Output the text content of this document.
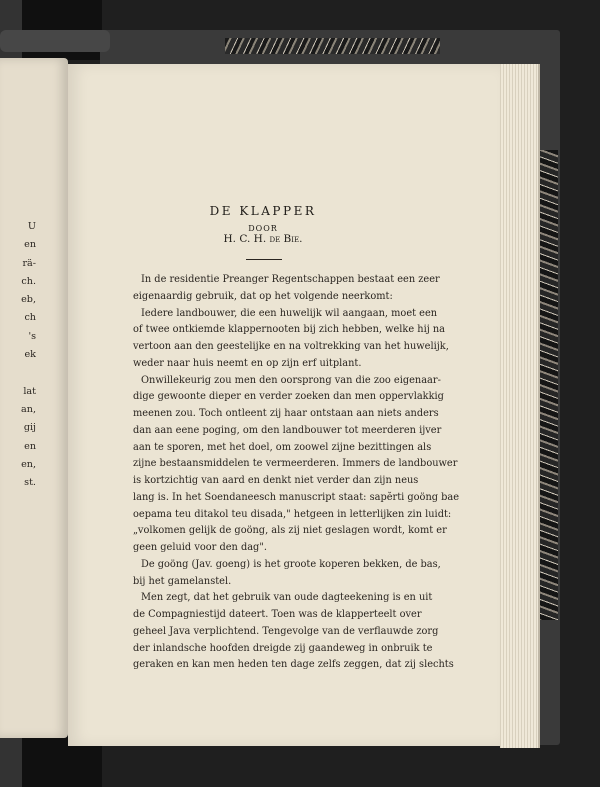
U
en
rä-
ch.
eb,
ch
's
ek

lat
an,
gij
en
en,
st.
DE KLAPPER
DOOR
H. C. H. de Bie.
In de residentie Preanger Regentschappen bestaat een zeer
eigenaardig gebruik, dat op het volgende neerkomt:
Iedere landbouwer, die een huwelijk wil aangaan, moet een
of twee ontkiemde klappernooten bij zich hebben, welke hij na
vertoon aan den geestelijke en na voltrekking van het huwelijk,
weder naar huis neemt en op zijn erf uitplant.
Onwillekeurig zou men den oorsprong van die zoo eigenaar-
dige gewoonte dieper en verder zoeken dan men oppervlakkig
meenen zou. Toch ontleent zij haar ontstaan aan niets anders
dan aan eene poging, om den landbouwer tot meerderen ijver
aan te sporen, met het doel, om zoowel zijne bezittingen als
zijne bestaansmiddelen te vermeerderen. Immers de landbouwer
is kortzichtig van aard en denkt niet verder dan zijn neus
lang is. In het Soendaneesch manuscript staat: sapĕrti goöng bae
oepama teu ditakol teu disada," hetgeen in letterlijken zin luidt:
„volkomen gelijk de goöng, als zij niet geslagen wordt, komt er
geen geluid voor den dag".
De goöng (Jav. goeng) is het groote koperen bekken, de bas,
bij het gamelanstel.
Men zegt, dat het gebruik van oude dagteekening is en uit
de Compagniestijd dateert. Toen was de klapperteelt over
geheel Java verplichtend. Tengevolge van de verflauwde zorg
der inlandsche hoofden dreigde zij gaandeweg in onbruik te
geraken en kan men heden ten dage zelfs zeggen, dat zij slechts
